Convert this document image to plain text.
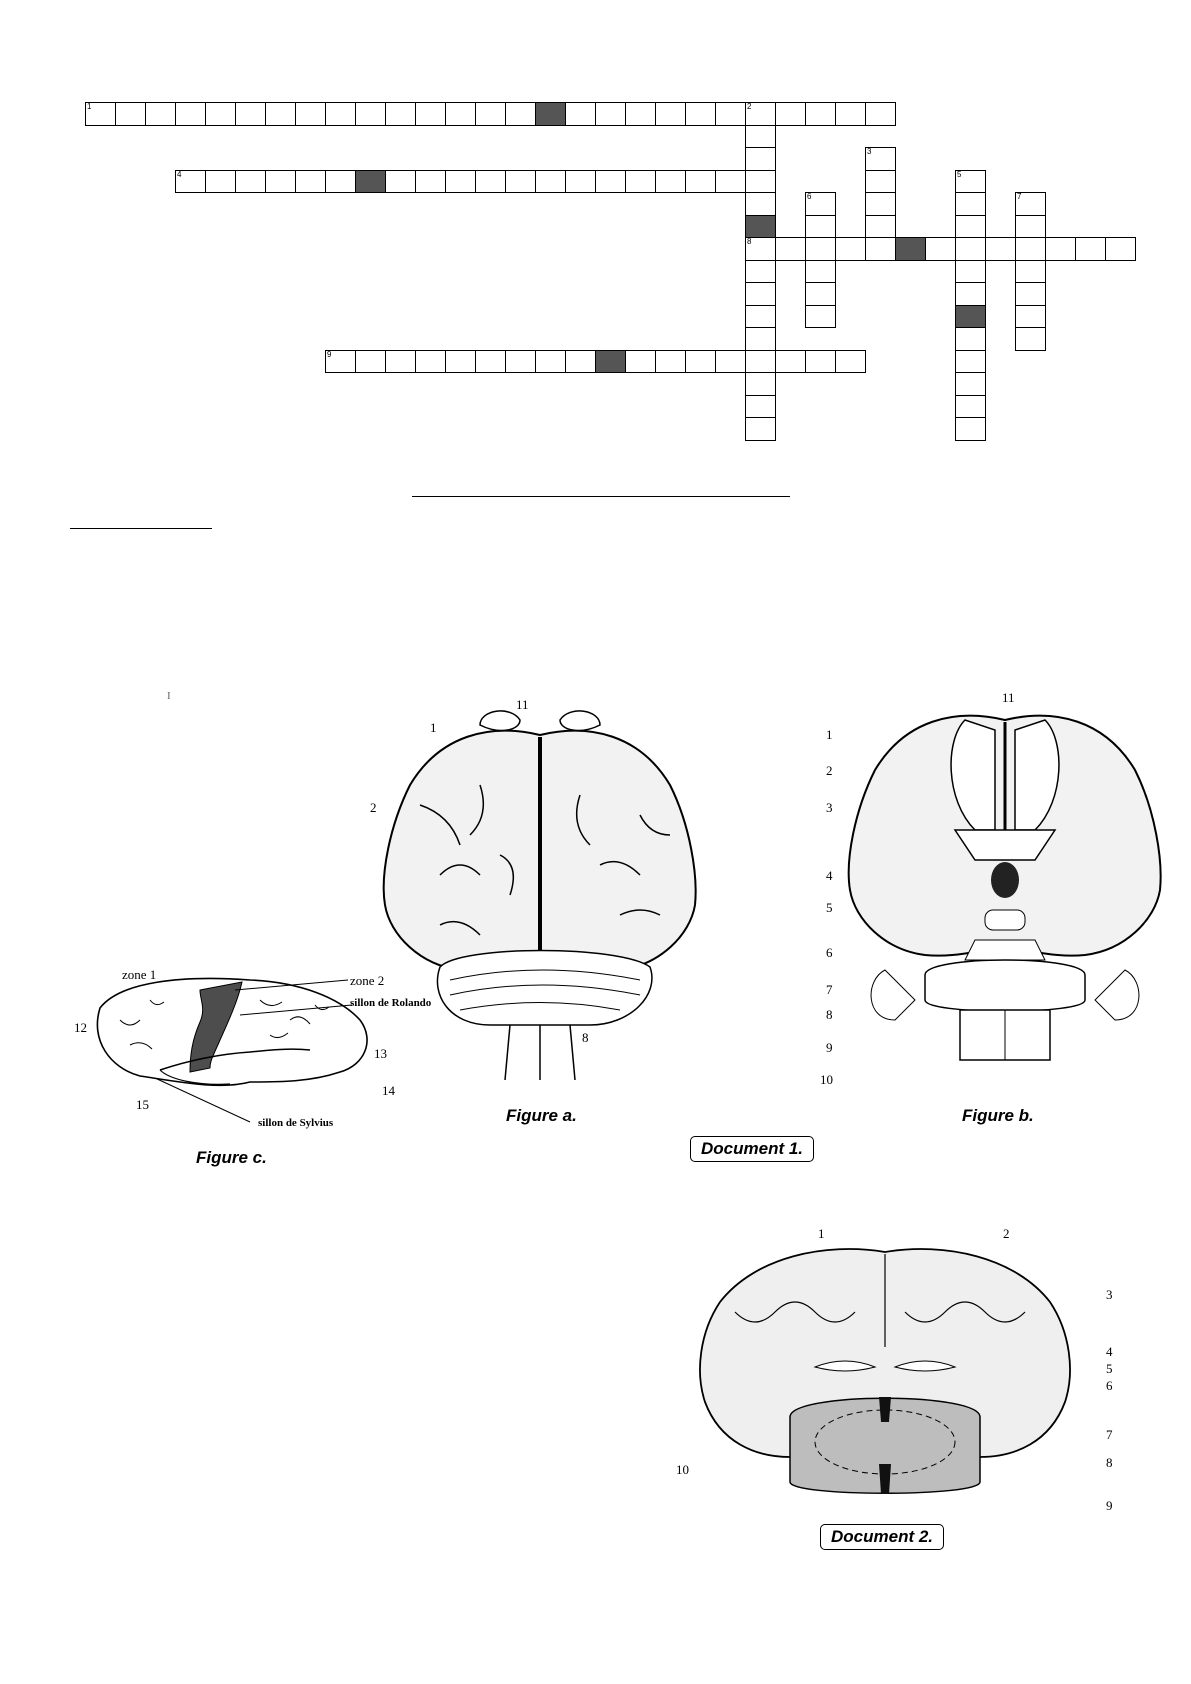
1	2
8
3
4	5
6	7
9
I
zone 1	zone 2
sillon de Rolando
12
13
14
15
sillon de Sylvius
Figure c.
1
2
8
11
Figure a.
1
2
3
4
5
6
7
8
9
10
11
Figure b.
Document 1.
1	2
3
4
5
6
7
8
9
10
Document 2.
